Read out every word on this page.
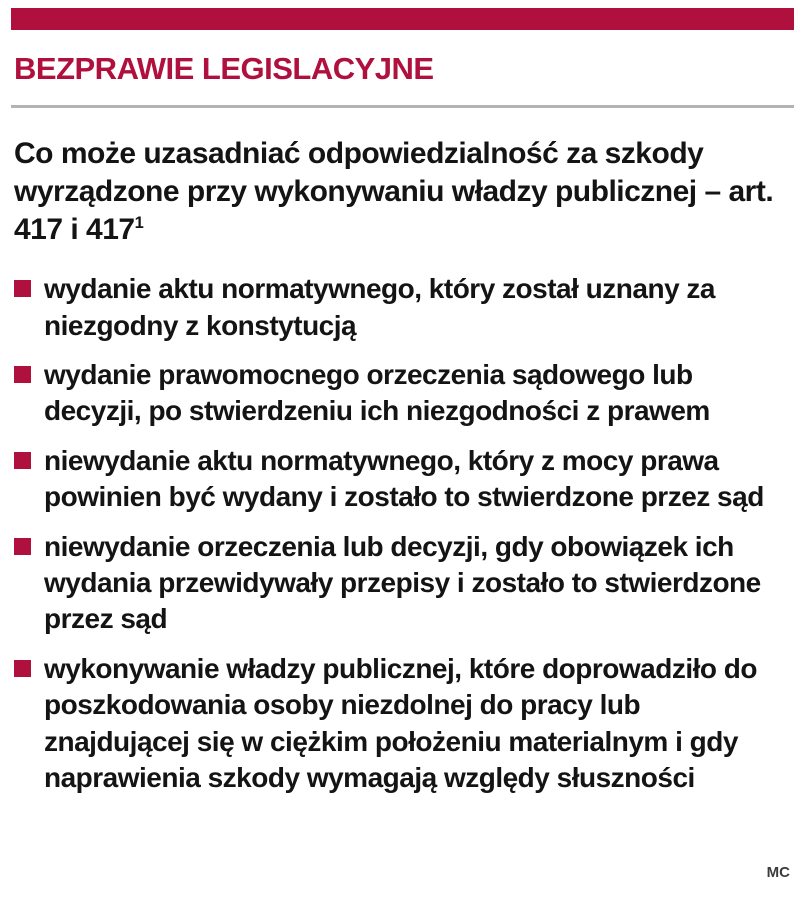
BEZPRAWIE LEGISLACYJNE
Co może uzasadniać odpowiedzialność za szkody wyrządzone przy wykonywaniu władzy publicznej – art. 417 i $417^1$
wydanie aktu normatywnego, który został uznany za niezgodny z konstytucją
wydanie prawomocnego orzeczenia sądowego lub decyzji, po stwierdzeniu ich niezgodności z prawem
niewydanie aktu normatywnego, który z mocy prawa powinien być wydany i zostało to stwierdzone przez sąd
niewydanie orzeczenia lub decyzji, gdy obowiązek ich wydania przewidywały przepisy i zostało to stwierdzone przez sąd
wykonywanie władzy publicznej, które doprowadziło do poszkodowania osoby niezdolnej do pracy lub znajdującej się w ciężkim położeniu materialnym i gdy naprawienia szkody wymagają względy słuszności
MC
